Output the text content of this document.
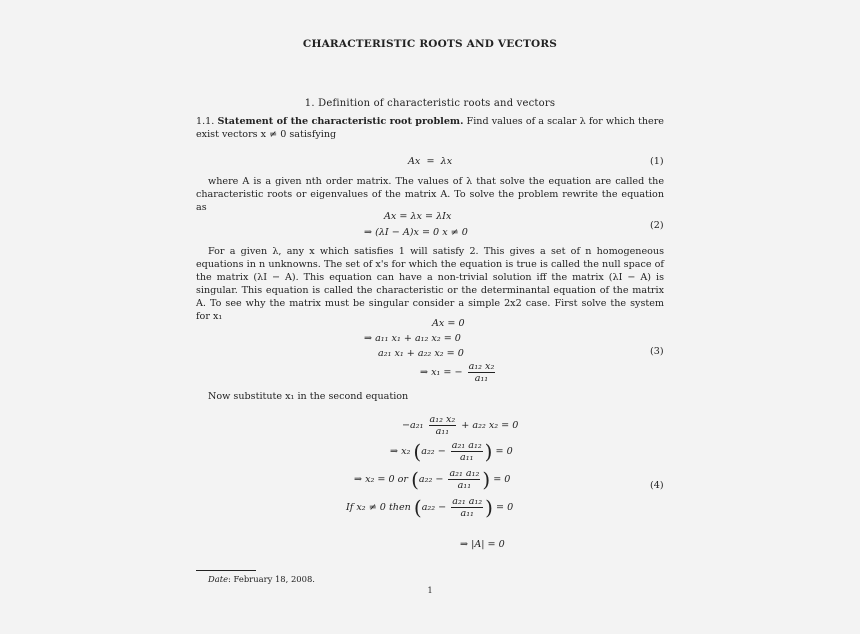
CHARACTERISTIC ROOTS AND VECTORS
1. Definition of characteristic roots and vectors
1.1. Statement of the characteristic root problem. Find values of a scalar λ for which there exist vectors x ≠ 0 satisfying
Ax = λx	(1)
where A is a given nth order matrix. The values of λ that solve the equation are called the characteristic roots or eigenvalues of the matrix A. To solve the problem rewrite the equation as
Ax = λx = λIx
⇒ (λI − A)x = 0 x ≠ 0
(2)
For a given λ, any x which satisfies 1 will satisfy 2. This gives a set of n homogeneous equations in n unknowns. The set of x's for which the equation is true is called the null space of the matrix (λI − A). This equation can have a non-trivial solution iff the matrix (λI − A) is singular. This equation is called the characteristic or the determinantal equation of the matrix A. To see why the matrix must be singular consider a simple 2x2 case. First solve the system for x₁
Ax = 0
⇒ a₁₁ x₁ + a₁₂ x₂ = 0
a₂₁ x₁ + a₂₂ x₂ = 0
⇒ x₁ = − $\frac{\text{a₁₂ x₂}}{\text{a₁₁}}$
(3)
Now substitute x₁ in the second equation
$-a_{21} \frac{\text{a₁₂ x₂}}{\text{a₁₁}} + a_{22}$ x₂ = 0
⇒ x₂ ($a_{22} - \frac{\text{a₂₁ a₁₂}}{\text{a₁₁}}$ ) = 0
⇒ x₂ = 0 or ($a_{22} - \frac{\text{a₂₁ a₁₂}}{\text{a₁₁}}$ ) = 0
If x₂ ≠ 0 then ($a_{22} - \frac{\text{a₂₁ a₁₂}}{\text{a₁₁}}$ ) = 0
⇒ |A| = 0
(4)
Date: February 18, 2008.
1
